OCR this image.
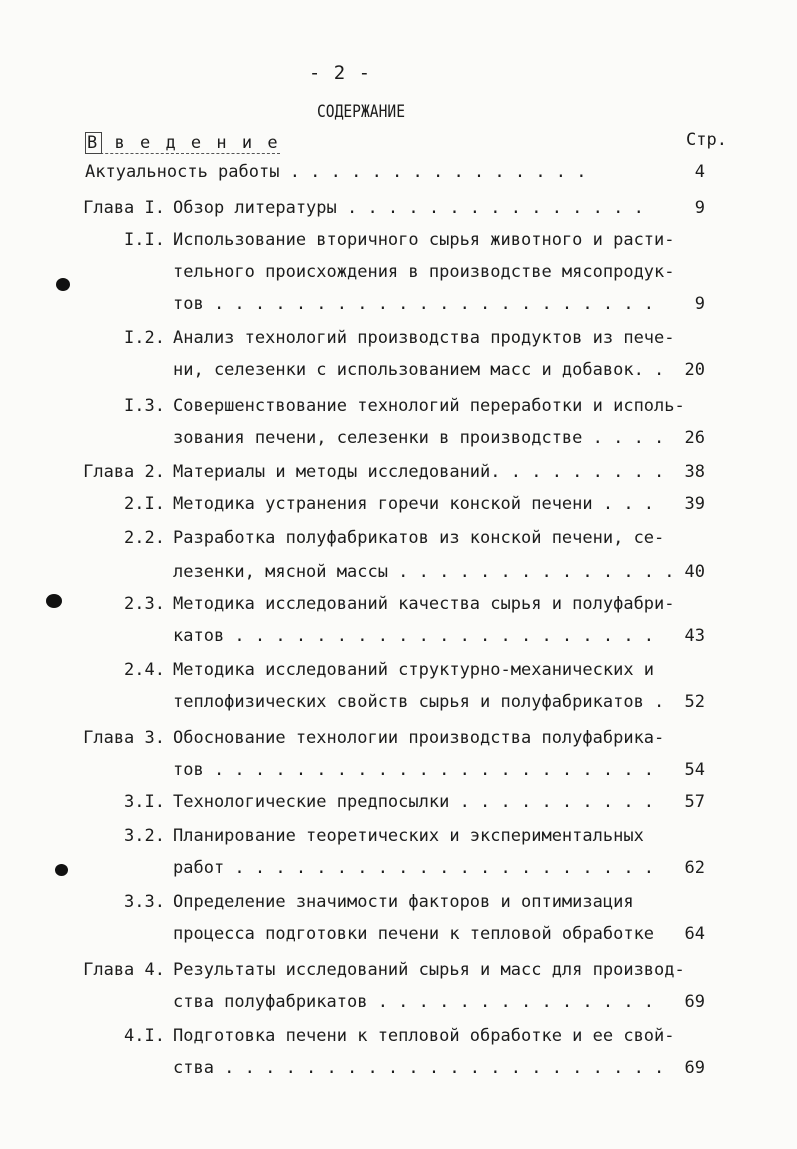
- 2 -
СОДЕРЖАНИЕ
В в е д е н и е	Стр.
Актуальность работы . . . . . . . . . . . . . . .	4
Глава I. Обзор литературы . . . . . . . . . . . . . . .	9
I.I. Использование вторичного сырья животного и расти-
тельного происхождения в производстве мясопродук-
тов . . . . . . . . . . . . . . . . . . . . . .	9
I.2. Анализ технологий производства продуктов из пече-
ни, селезенки с использованием масс и добавок. .	20
I.3. Совершенствование технологий переработки и исполь-
зования печени, селезенки в производстве . . . .	26
Глава 2. Материалы и методы исследований. . . . . . . . .	38
2.I. Методика устранения горечи конской печени . . .	39
2.2. Разработка полуфабрикатов из конской печени, се-
лезенки, мясной массы . . . . . . . . . . . . . . 40
2.3. Методика исследований качества сырья и полуфабри-
катов . . . . . . . . . . . . . . . . . . . . .	43
2.4. Методика исследований структурно-механических и
теплофизических свойств сырья и полуфабрикатов .	52
Глава 3. Обоснование технологии производства полуфабрика-
тов . . . . . . . . . . . . . . . . . . . . . .	54
3.I. Технологические предпосылки . . . . . . . . . .	57
3.2. Планирование теоретических и экспериментальных
работ . . . . . . . . . . . . . . . . . . . . .	62
3.3. Определение значимости факторов и оптимизация
процесса подготовки печени к тепловой обработке	64
Глава 4. Результаты исследований сырья и масс для производ-
ства полуфабрикатов . . . . . . . . . . . . . .	69
4.I. Подготовка печени к тепловой обработке и ее свой-
ства . . . . . . . . . . . . . . . . . . . . . .	69
